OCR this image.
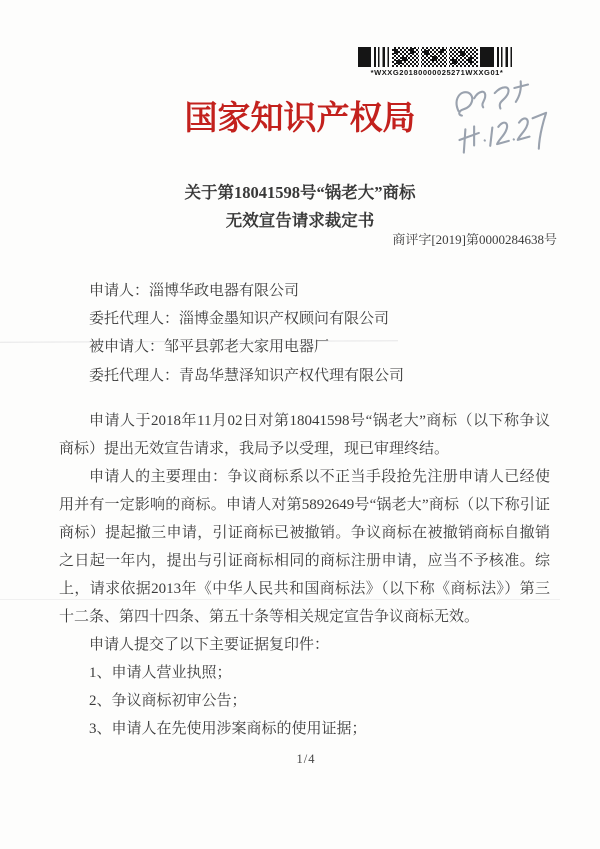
*WXXG20180000025271WXXG01*
国家知识产权局
关于第18041598号“锅老大”商标
无效宣告请求裁定书
商评字[2019]第0000284638号
申请人：淄博华政电器有限公司
委托代理人：淄博金墨知识产权顾问有限公司
被申请人：邹平县郭老大家用电器厂
委托代理人：青岛华慧泽知识产权代理有限公司

申请人于2018年11月02日对第18041598号“锅老大”商标（以下称争议商标）提出无效宣告请求，我局予以受理，现已审理终结。

申请人的主要理由：争议商标系以不正当手段抢先注册申请人已经使用并有一定影响的商标。申请人对第5892649号“锅老大”商标（以下称引证商标）提起撤三申请，引证商标已被撤销。争议商标在被撤销商标自撤销之日起一年内，提出与引证商标相同的商标注册申请，应当不予核准。综上，请求依据2013年《中华人民共和国商标法》（以下称《商标法》）第三十二条、第四十四条、第五十条等相关规定宣告争议商标无效。

申请人提交了以下主要证据复印件：

1、申请人营业执照；

2、争议商标初审公告；

3、申请人在先使用涉案商标的使用证据；

1/4
